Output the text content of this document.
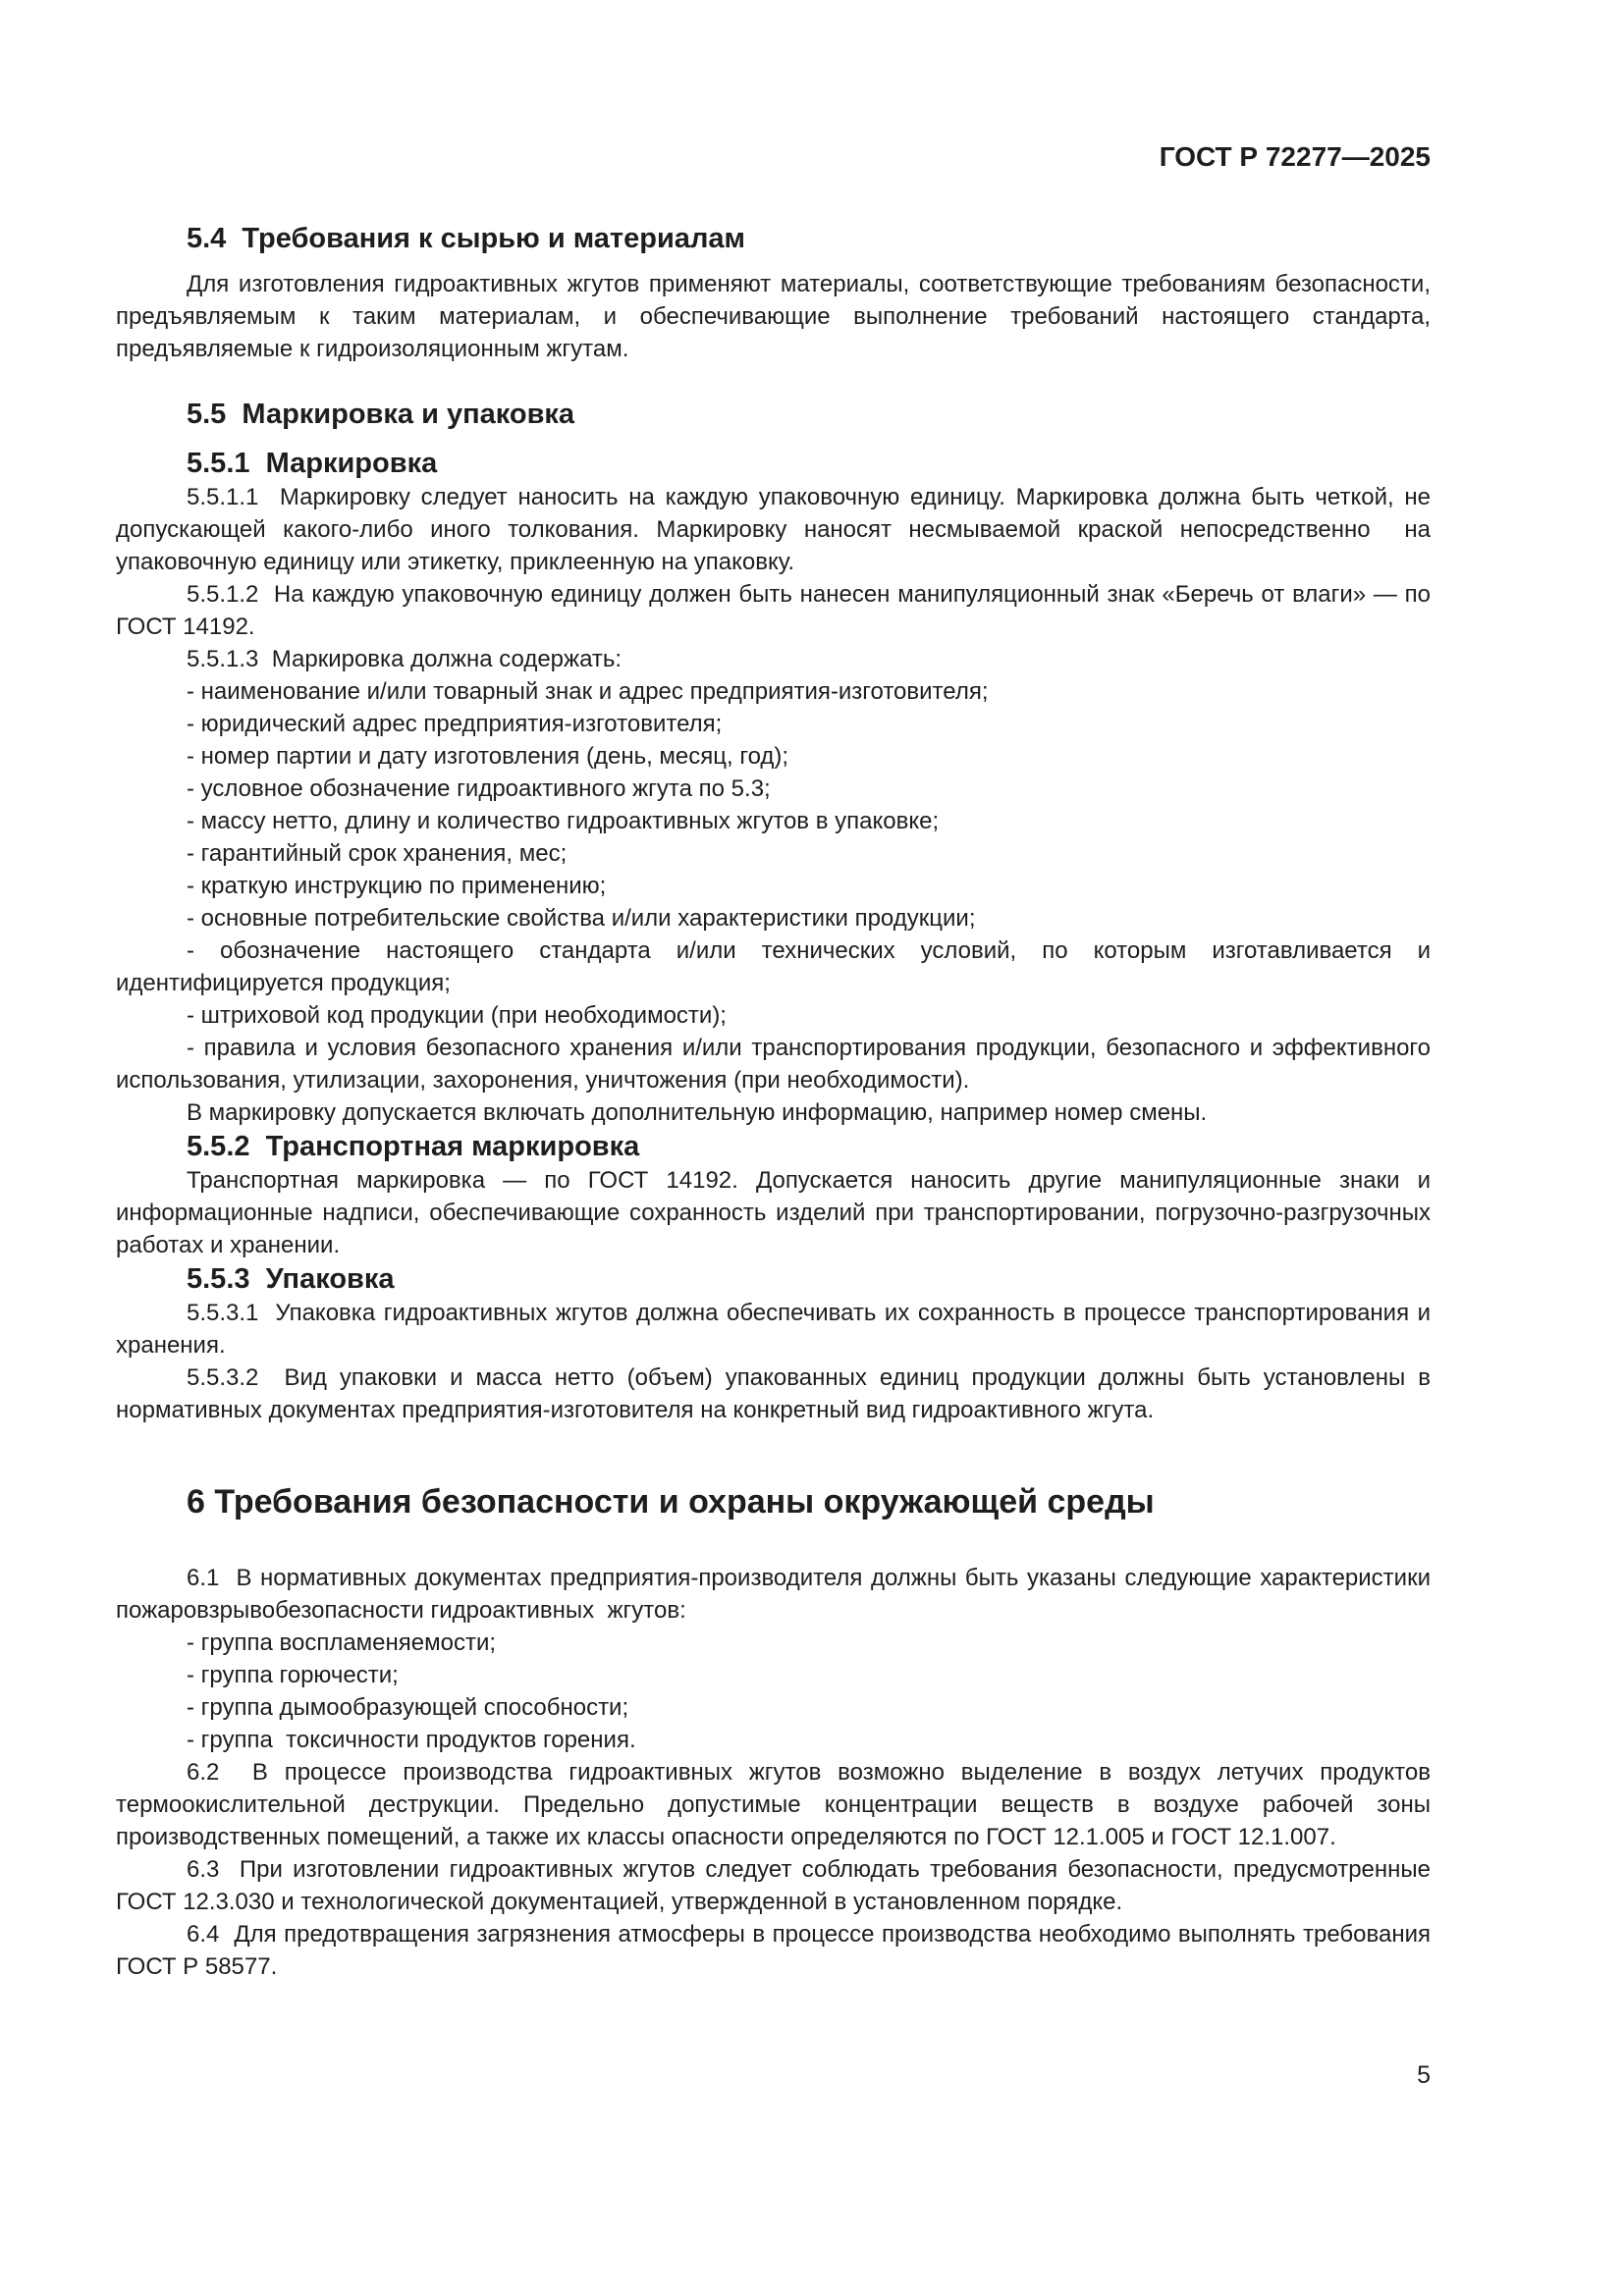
ГОСТ Р 72277—2025
5.4  Требования к сырью и материалам

Для изготовления гидроактивных жгутов применяют материалы, соответствующие требованиям безопасности, предъявляемым к таким материалам, и обеспечивающие выполнение требований настоящего стандарта, предъявляемые к гидроизоляционным жгутам.

5.5  Маркировка и упаковка
5.5.1  Маркировка

5.5.1.1  Маркировку следует наносить на каждую упаковочную единицу. Маркировка должна быть четкой, не допускающей какого-либо иного толкования. Маркировку наносят несмываемой краской непосредственно  на упаковочную единицу или этикетку, приклеенную на упаковку.

5.5.1.2  На каждую упаковочную единицу должен быть нанесен манипуляционный знак «Беречь от влаги» — по ГОСТ 14192.

5.5.1.3  Маркировка должна содержать:

- наименование и/или товарный знак и адрес предприятия-изготовителя;

- юридический адрес предприятия-изготовителя;

- номер партии и дату изготовления (день, месяц, год);

- условное обозначение гидроактивного жгута по 5.3;

- массу нетто, длину и количество гидроактивных жгутов в упаковке;

- гарантийный срок хранения, мес;

- краткую инструкцию по применению;

- основные потребительские свойства и/или характеристики продукции;

- обозначение настоящего стандарта и/или технических условий, по которым изготавливается и идентифицируется продукция;

- штриховой код продукции (при необходимости);

- правила и условия безопасного хранения и/или транспортирования продукции, безопасного и эффективного использования, утилизации, захоронения, уничтожения (при необходимости).

В маркировку допускается включать дополнительную информацию, например номер смены.

5.5.2  Транспортная маркировка

Транспортная маркировка — по ГОСТ 14192. Допускается наносить другие манипуляционные знаки и информационные надписи, обеспечивающие сохранность изделий при транспортировании, погрузочно-разгрузочных работах и хранении.

5.5.3  Упаковка

5.5.3.1  Упаковка гидроактивных жгутов должна обеспечивать их сохранность в процессе транспортирования и хранения.

5.5.3.2  Вид упаковки и масса нетто (объем) упакованных единиц продукции должны быть установлены в нормативных документах предприятия-изготовителя на конкретный вид гидроактивного жгута.

6 Требования безопасности и охраны окружающей среды

6.1  В нормативных документах предприятия-производителя должны быть указаны следующие характеристики пожаровзрывобезопасности гидроактивных  жгутов:

- группа воспламеняемости;

- группа горючести;

- группа дымообразующей способности;

- группа  токсичности продуктов горения.

6.2  В процессе производства гидроактивных жгутов возможно выделение в воздух летучих продуктов термоокислительной деструкции. Предельно допустимые концентрации веществ в воздухе рабочей зоны производственных помещений, а также их классы опасности определяются по ГОСТ 12.1.005 и ГОСТ 12.1.007.

6.3  При изготовлении гидроактивных жгутов следует соблюдать требования безопасности, предусмотренные ГОСТ 12.3.030 и технологической документацией, утвержденной в установленном порядке.

6.4  Для предотвращения загрязнения атмосферы в процессе производства необходимо выполнять требования ГОСТ Р 58577.

5
